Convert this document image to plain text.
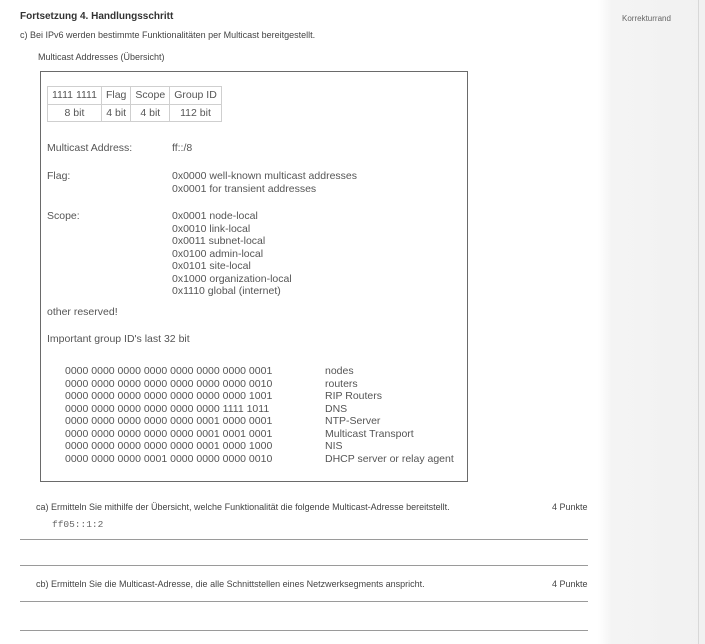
Korrekturrand
Fortsetzung 4. Handlungsschritt
c) Bei IPv6 werden bestimmte Funktionalitäten per Multicast bereitgestellt.
Multicast Addresses (Übersicht)
1111 1111	Flag	Scope	Group ID
8 bit	4 bit	4 bit	112 bit
Multicast Address:	ff::/8
Flag:	0x0000 well-known multicast addresses
0x0001 for transient addresses
Scope:	0x0001 node-local
0x0010 link-local
0x0011 subnet-local
0x0100 admin-local
0x0101 site-local
0x1000 organization-local
0x1110 global (internet)
other reserved!
Important group ID's last 32 bit
0000 0000 0000 0000 0000 0000 0000 0001	nodes
0000 0000 0000 0000 0000 0000 0000 0010	routers
0000 0000 0000 0000 0000 0000 0000 1001	RIP Routers
0000 0000 0000 0000 0000 0000 1111 1011	DNS
0000 0000 0000 0000 0000 0001 0000 0001	NTP-Server
0000 0000 0000 0000 0000 0001 0001 0001	Multicast Transport
0000 0000 0000 0000 0000 0001 0000 1000	NIS
0000 0000 0000 0001 0000 0000 0000 0010	DHCP server or relay agent
ca) Ermitteln Sie mithilfe der Übersicht, welche Funktionalität die folgende Multicast-Adresse bereitstellt.	4 Punkte
ff05::1:2
cb) Ermitteln Sie die Multicast-Adresse, die alle Schnittstellen eines Netzwerksegments anspricht.	4 Punkte
